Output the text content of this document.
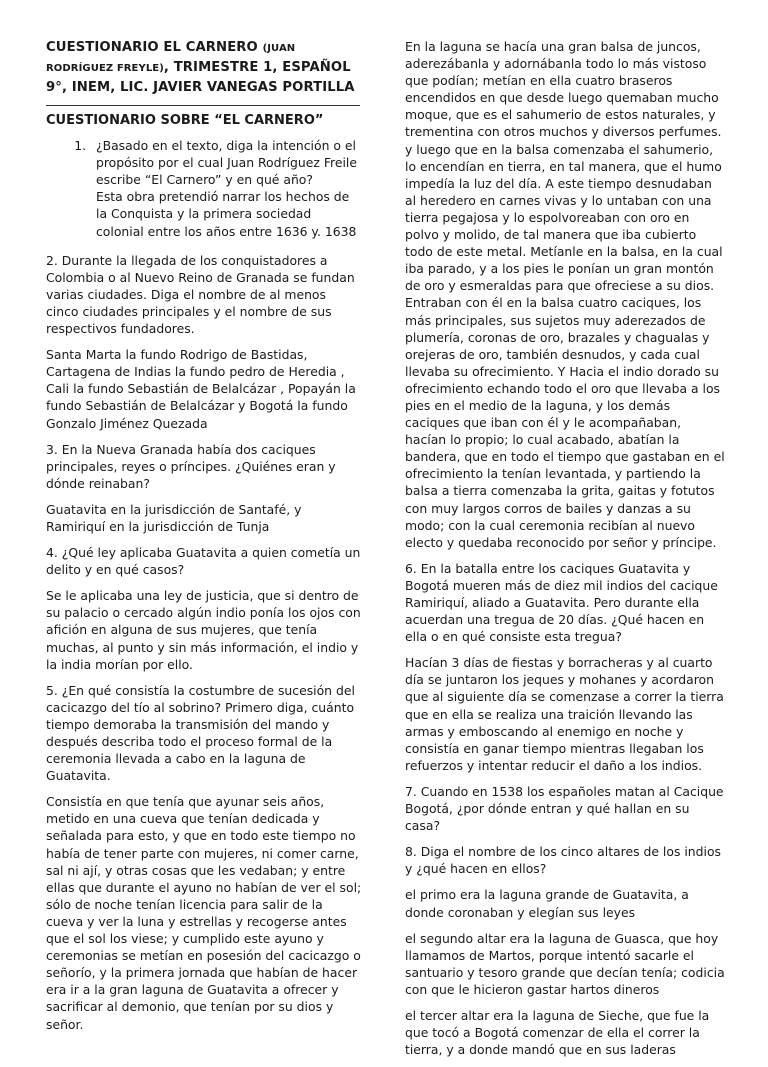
CUESTIONARIO EL CARNERO (JUAN
RODRÍGUEZ FREYLE), TRIMESTRE 1, ESPAÑOL
9°, INEM, LIC. JAVIER VANEGAS PORTILLA

CUESTIONARIO SOBRE “EL CARNERO”

1. ¿Basado en el texto, diga la intención o el propósito por el cual Juan Rodríguez Freile escribe “El Carnero” y en qué año?
Esta obra pretendió narrar los hechos de la Conquista y la primera sociedad colonial entre los años entre 1636 y. 1638

2. Durante la llegada de los conquistadores a Colombia o al Nuevo Reino de Granada se fundan varias ciudades. Diga el nombre de al menos cinco ciudades principales y el nombre de sus respectivos fundadores.

Santa Marta la fundo Rodrigo de Bastidas, Cartagena de Indias la fundo pedro de Heredia , Cali la fundo Sebastián de Belalcázar , Popayán la fundo Sebastián de Belalcázar y Bogotá la fundo Gonzalo Jiménez Quezada

3. En la Nueva Granada había dos caciques principales, reyes o príncipes. ¿Quiénes eran y dónde reinaban?

Guatavita en la jurisdicción de Santafé, y Ramiriquí en la jurisdicción de Tunja

4. ¿Qué ley aplicaba Guatavita a quien cometía un delito y en qué casos?

Se le aplicaba una ley de justicia, que si dentro de su palacio o cercado algún indio ponía los ojos con afición en alguna de sus mujeres, que tenía muchas, al punto y sin más información, el indio y la india morían por ello.

5. ¿En qué consistía la costumbre de sucesión del cacicazgo del tío al sobrino? Primero diga, cuánto tiempo demoraba la transmisión del mando y después describa todo el proceso formal de la ceremonia llevada a cabo en la laguna de Guatavita.

Consistía en que tenía que ayunar seis años, metido en una cueva que tenían dedicada y señalada para esto, y que en todo este tiempo no había de tener parte con mujeres, ni comer carne, sal ni ají, y otras cosas que les vedaban; y entre ellas que durante el ayuno no habían de ver el sol; sólo de noche tenían licencia para salir de la cueva y ver la luna y estrellas y recogerse antes que el sol los viese; y cumplido este ayuno y ceremonias se metían en posesión del cacicazgo o señorío, y la primera jornada que habían de hacer era ir a la gran laguna de Guatavita a ofrecer y sacrificar al demonio, que tenían por su dios y señor.

En la laguna se hacía una gran balsa de juncos, aderezábanla y adornábanla todo lo más vistoso que podían; metían en ella cuatro braseros encendidos en que desde luego quemaban mucho moque, que es el sahumerio de estos naturales, y trementina con otros muchos y diversos perfumes. y luego que en la balsa comenzaba el sahumerio, lo encendían en tierra, en tal manera, que el humo impedía la luz del día. A este tiempo desnudaban al heredero en carnes vivas y lo untaban con una tierra pegajosa y lo espolvoreaban con oro en polvo y molido, de tal manera que iba cubierto todo de este metal. Metíanle en la balsa, en la cual iba parado, y a los pies le ponían un gran montón de oro y esmeraldas para que ofreciese a su dios. Entraban con él en la balsa cuatro caciques, los más principales, sus sujetos muy aderezados de plumería, coronas de oro, brazales y chagualas y orejeras de oro, también desnudos, y cada cual llevaba su ofrecimiento. Y Hacia el indio dorado su ofrecimiento echando todo el oro que llevaba a los pies en el medio de la laguna, y los demás caciques que iban con él y le acompañaban, hacían lo propio; lo cual acabado, abatían la bandera, que en todo el tiempo que gastaban en el ofrecimiento la tenían levantada, y partiendo la balsa a tierra comenzaba la grita, gaitas y fotutos con muy largos corros de bailes y danzas a su modo; con la cual ceremonia recibían al nuevo electo y quedaba reconocido por señor y príncipe.

6. En la batalla entre los caciques Guatavita y Bogotá mueren más de diez mil indios del cacique Ramiriquí, aliado a Guatavita. Pero durante ella acuerdan una tregua de 20 días. ¿Qué hacen en ella o en qué consiste esta tregua?

Hacían 3 días de fiestas y borracheras y al cuarto día se juntaron los jeques y mohanes y acordaron que al siguiente día se comenzase a correr la tierra que en ella se realiza una traición llevando las armas y emboscando al enemigo en noche y consistía en ganar tiempo mientras llegaban los refuerzos y intentar reducir el daño a los indios.

7. Cuando en 1538 los españoles matan al Cacique Bogotá, ¿por dónde entran y qué hallan en su casa?

8. Diga el nombre de los cinco altares de los indios y ¿qué hacen en ellos?

el primo era la laguna grande de Guatavita, a donde coronaban y elegían sus leyes

el segundo altar era la laguna de Guasca, que hoy llamamos de Martos, porque intentó sacarle el santuario y tesoro grande que decían tenía; codicia con que le hicieron gastar hartos dineros

el tercer altar era la laguna de Sieche, que fue la que tocó a Bogotá comenzar de ella el correr la tierra, y a donde mandó que en sus laderas
